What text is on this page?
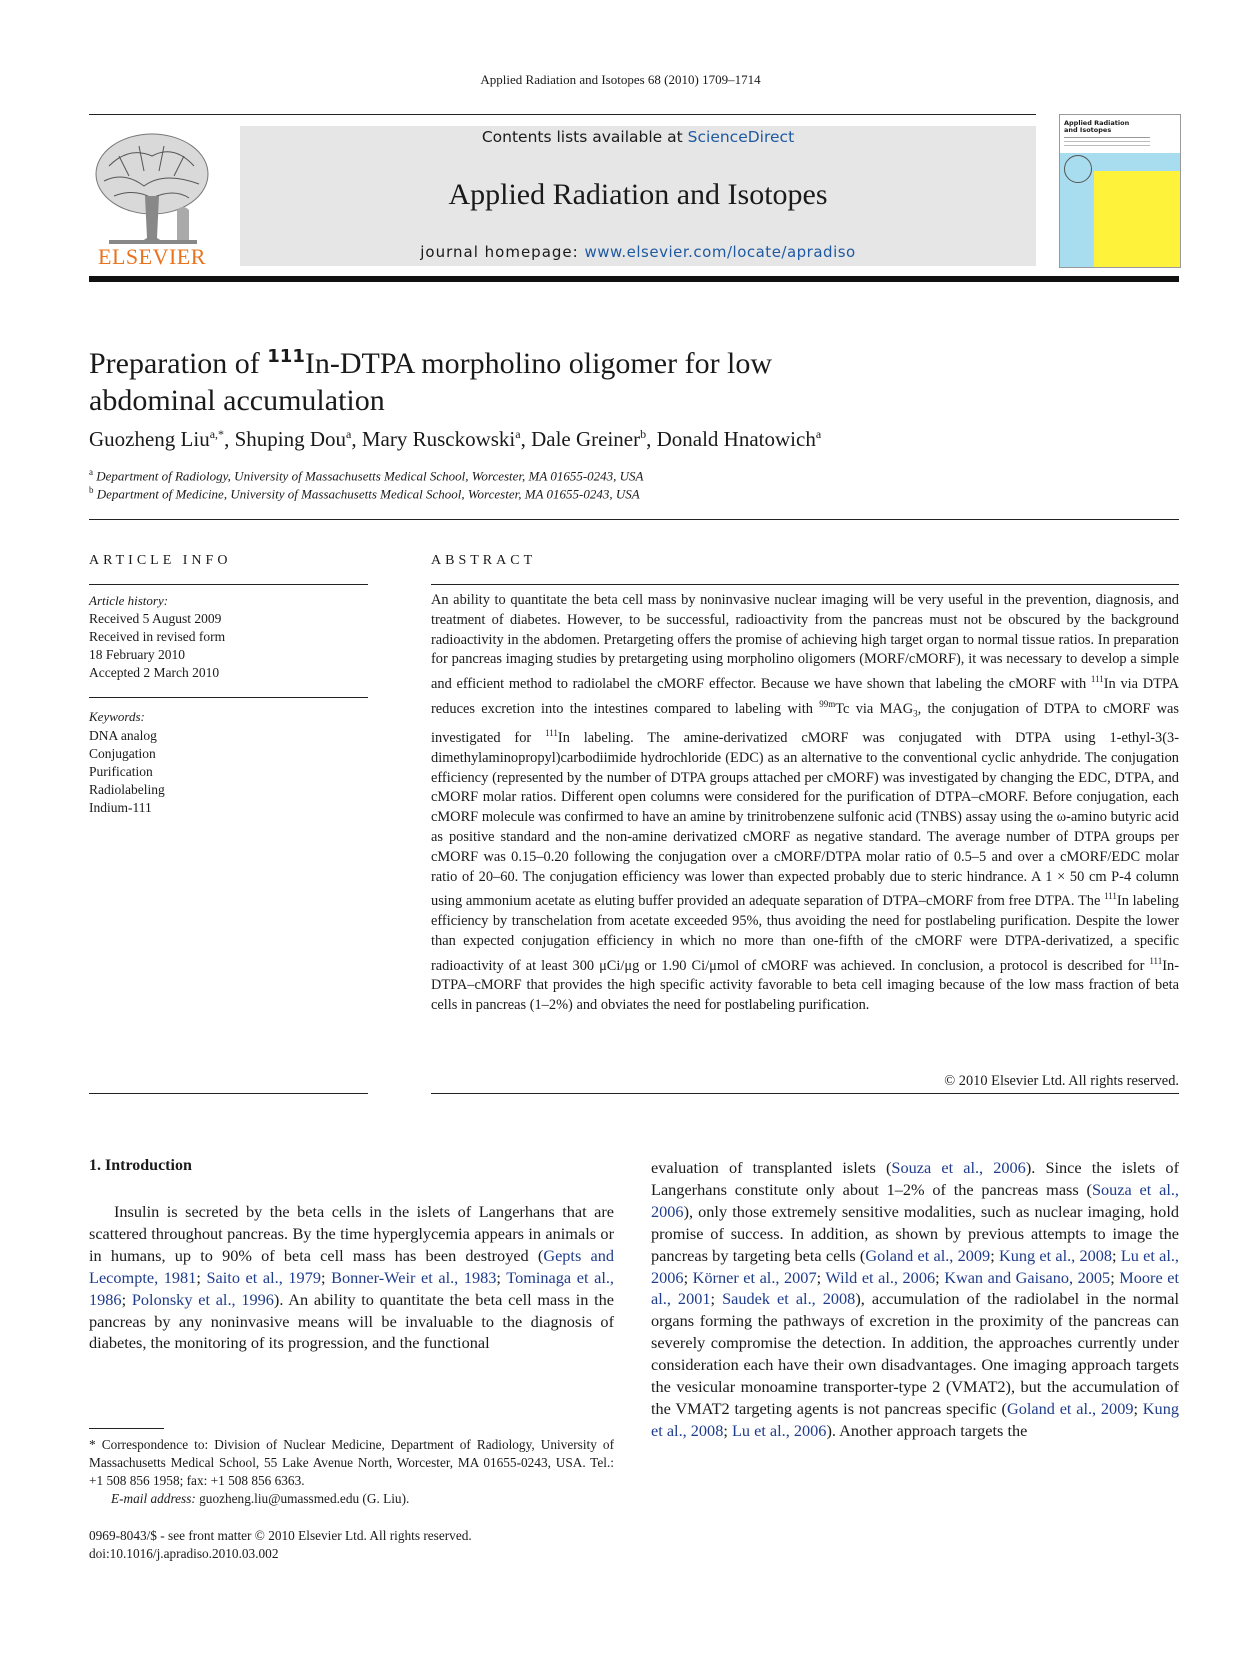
Applied Radiation and Isotopes 68 (2010) 1709–1714
ELSEVIER
Contents lists available at ScienceDirect
Applied Radiation and Isotopes
journal homepage: www.elsevier.com/locate/apradiso
Applied Radiation and Isotopes
Preparation of $^{111}$In-DTPA morpholino oligomer for low abdominal accumulation
Guozheng Liu$^{a,*}$, Shuping Dou$^a$, Mary Rusckowski$^a$, Dale Greiner$^b$, Donald Hnatowich$^a$
$^a$ Department of Radiology, University of Massachusetts Medical School, Worcester, MA 01655-0243, USA
$^b$ Department of Medicine, University of Massachusetts Medical School, Worcester, MA 01655-0243, USA
ARTICLE INFO
Article history:
Received 5 August 2009
Received in revised form
18 February 2010
Accepted 2 March 2010
Keywords:
DNA analog
Conjugation
Purification
Radiolabeling
Indium-111
ABSTRACT
An ability to quantitate the beta cell mass by noninvasive nuclear imaging will be very useful in the prevention, diagnosis, and treatment of diabetes. However, to be successful, radioactivity from the pancreas must not be obscured by the background radioactivity in the abdomen. Pretargeting offers the promise of achieving high target organ to normal tissue ratios. In preparation for pancreas imaging studies by pretargeting using morpholino oligomers (MORF/cMORF), it was necessary to develop a simple and efficient method to radiolabel the cMORF effector. Because we have shown that labeling the cMORF with $^{111}$In via DTPA reduces excretion into the intestines compared to labeling with $^{99m}$Tc via $MAG_3$, the conjugation of DTPA to cMORF was investigated for $^{111}$In labeling. The amine-derivatized cMORF was conjugated with DTPA using 1-ethyl-3(3-dimethylaminopropyl)carbodiimide hydrochloride (EDC) as an alternative to the conventional cyclic anhydride. The conjugation efficiency (represented by the number of DTPA groups attached per cMORF) was investigated by changing the EDC, DTPA, and cMORF molar ratios. Different open columns were considered for the purification of DTPA–cMORF. Before conjugation, each cMORF molecule was confirmed to have an amine by trinitrobenzene sulfonic acid (TNBS) assay using the ω-amino butyric acid as positive standard and the non-amine derivatized cMORF as negative standard. The average number of DTPA groups per cMORF was 0.15–0.20 following the conjugation over a cMORF/DTPA molar ratio of 0.5–5 and over a cMORF/EDC molar ratio of 20–60. The conjugation efficiency was lower than expected probably due to steric hindrance. A 1 × 50 cm P-4 column using ammonium acetate as eluting buffer provided an adequate separation of DTPA–cMORF from free DTPA. The $^{111}$In labeling efficiency by transchelation from acetate exceeded 95%, thus avoiding the need for postlabeling purification. Despite the lower than expected conjugation efficiency in which no more than one-fifth of the cMORF were DTPA-derivatized, a specific radioactivity of at least 300 μCi/μg or 1.90 Ci/μmol of cMORF was achieved. In conclusion, a protocol is described for $^{111}$In-DTPA–cMORF that provides the high specific activity favorable to beta cell imaging because of the low mass fraction of beta cells in pancreas (1–2%) and obviates the need for postlabeling purification.
© 2010 Elsevier Ltd. All rights reserved.
1. Introduction
Insulin is secreted by the beta cells in the islets of Langerhans that are scattered throughout pancreas. By the time hyperglycemia appears in animals or in humans, up to 90% of beta cell mass has been destroyed (Gepts and Lecompte, 1981; Saito et al., 1979; Bonner-Weir et al., 1983; Tominaga et al., 1986; Polonsky et al., 1996). An ability to quantitate the beta cell mass in the pancreas by any noninvasive means will be invaluable to the diagnosis of diabetes, the monitoring of its progression, and the functional
evaluation of transplanted islets (Souza et al., 2006). Since the islets of Langerhans constitute only about 1–2% of the pancreas mass (Souza et al., 2006), only those extremely sensitive modalities, such as nuclear imaging, hold promise of success. In addition, as shown by previous attempts to image the pancreas by targeting beta cells (Goland et al., 2009; Kung et al., 2008; Lu et al., 2006; Körner et al., 2007; Wild et al., 2006; Kwan and Gaisano, 2005; Moore et al., 2001; Saudek et al., 2008), accumulation of the radiolabel in the normal organs forming the pathways of excretion in the proximity of the pancreas can severely compromise the detection. In addition, the approaches currently under consideration each have their own disadvantages. One imaging approach targets the vesicular monoamine transporter-type 2 (VMAT2), but the accumulation of the VMAT2 targeting agents is not pancreas specific (Goland et al., 2009; Kung et al., 2008; Lu et al., 2006). Another approach targets the
* Correspondence to: Division of Nuclear Medicine, Department of Radiology, University of Massachusetts Medical School, 55 Lake Avenue North, Worcester, MA 01655-0243, USA. Tel.: +1 508 856 1958; fax: +1 508 856 6363.
E-mail address: guozheng.liu@umassmed.edu (G. Liu).
0969-8043/$ - see front matter © 2010 Elsevier Ltd. All rights reserved.
doi:10.1016/j.apradiso.2010.03.002
